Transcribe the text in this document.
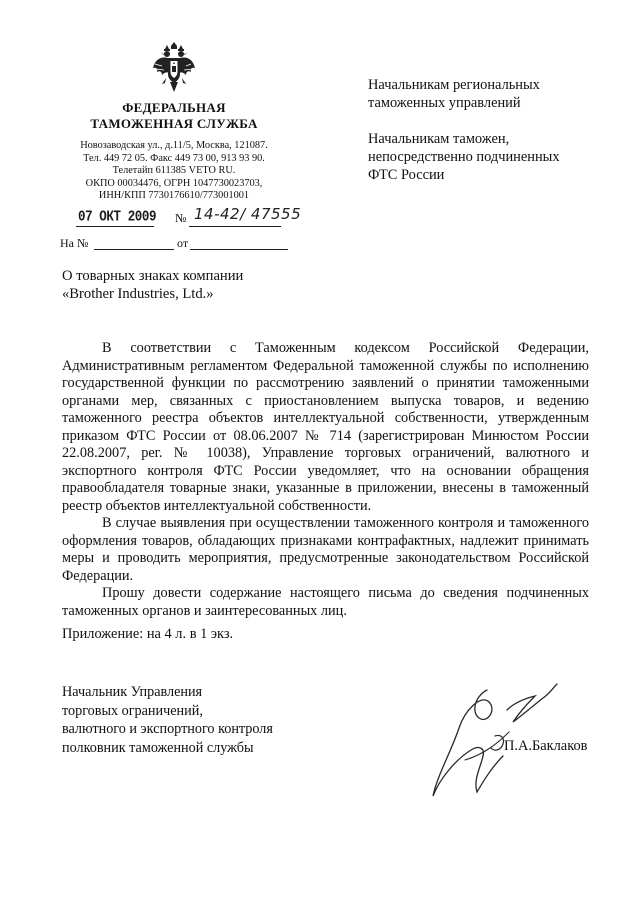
ФЕДЕРАЛЬНАЯ
ТАМОЖЕННАЯ СЛУЖБА
Новозаводская ул., д.11/5, Москва, 121087.
Тел. 449 72 05. Факс 449 73 00, 913 93 90.
Телетайп 611385 VETO RU.
ОКПО 00034476, ОГРН 1047730023703,
ИНН/КПП 7730176610/773001001
07 ОКТ 2009 № 14-42/ 47555
На №	от
Начальникам региональных
таможенных управлений
Начальникам таможен,
непосредственно подчиненных
ФТС России
О товарных знаках компании
«Brother Industries, Ltd.»

В соответствии с Таможенным кодексом Российской Федерации, Административным регламентом Федеральной таможенной службы по исполнению государственной функции по рассмотрению заявлений о принятии таможенными органами мер, связанных с приостановлением выпуска товаров, и ведению таможенного реестра объектов интеллектуальной собственности, утвержденным приказом ФТС России от 08.06.2007 № 714 (зарегистрирован Минюстом России 22.08.2007, рег. № 10038), Управление торговых ограничений, валютного и экспортного контроля ФТС России уведомляет, что на основании обращения правообладателя товарные знаки, указанные в приложении, внесены в таможенный реестр объектов интеллектуальной собственности.

В случае выявления при осуществлении таможенного контроля и таможенного оформления товаров, обладающих признаками контрафактных, надлежит принимать меры и проводить мероприятия, предусмотренные законодательством Российской Федерации.

Прошу довести содержание настоящего письма до сведения подчиненных таможенных органов и заинтересованных лиц.

Приложение: на 4 л. в 1 экз.
Начальник Управления
торговых ограничений,
валютного и экспортного контроля
полковник таможенной службы	П.А.Баклаков
